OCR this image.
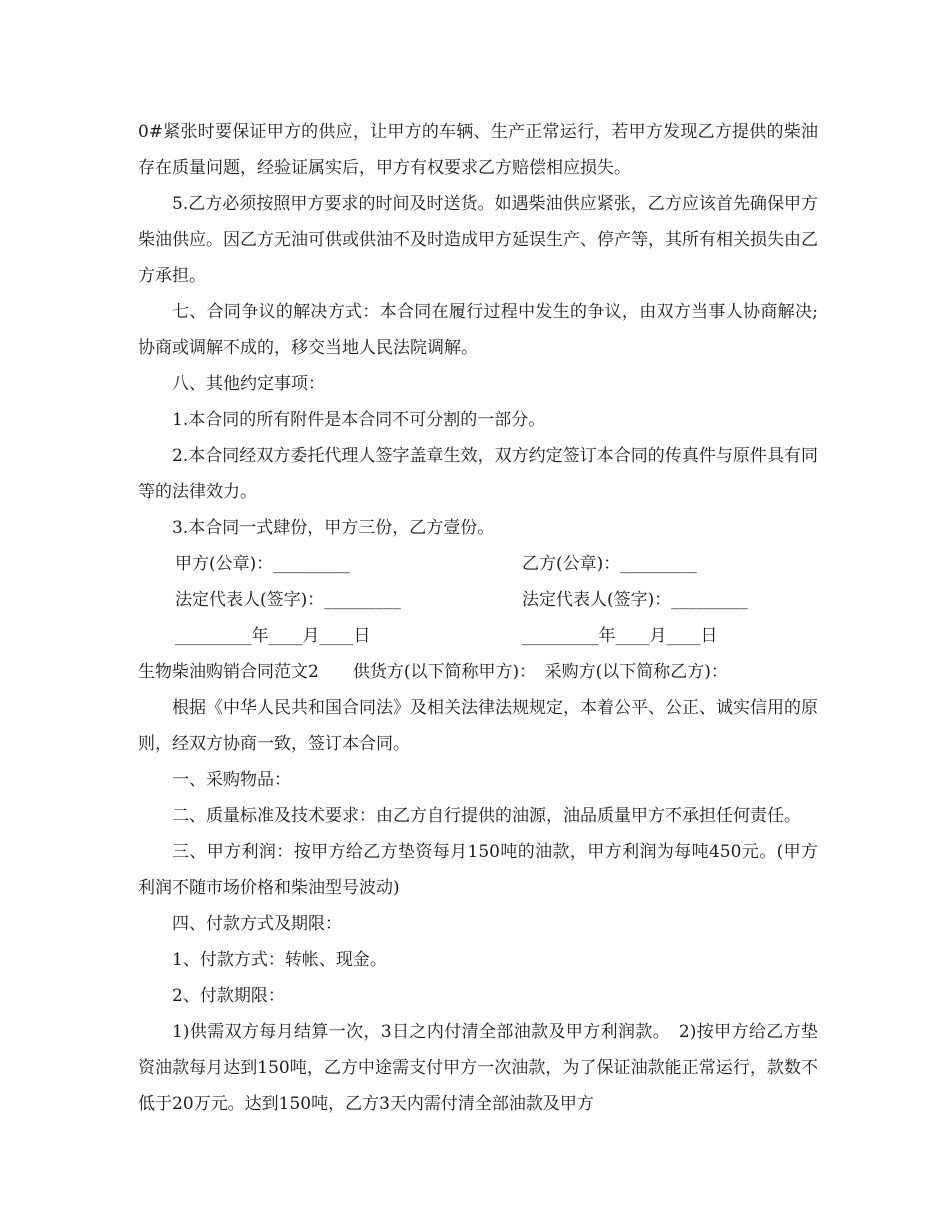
0#紧张时要保证甲方的供应，让甲方的车辆、生产正常运行，若甲方发现乙方提供的柴油存在质量问题，经验证属实后，甲方有权要求乙方赔偿相应损失。

5.乙方必须按照甲方要求的时间及时送货。如遇柴油供应紧张，乙方应该首先确保甲方柴油供应。因乙方无油可供或供油不及时造成甲方延误生产、停产等，其所有相关损失由乙方承担。

七、合同争议的解决方式：本合同在履行过程中发生的争议，由双方当事人协商解决;协商或调解不成的，移交当地人民法院调解。

八、其他约定事项：

1.本合同的所有附件是本合同不可分割的一部分。

2.本合同经双方委托代理人签字盖章生效，双方约定签订本合同的传真件与原件具有同等的法律效力。

3.本合同一式肆份，甲方三份，乙方壹份。

甲方(公章)：_________	乙方(公章)：_________
法定代表人(签字)：_________	法定代表人(签字)：_________
_________年____月____日	_________年____月____日

生物柴油购销合同范文2　　供货方(以下简称甲方)：　采购方(以下简称乙方)：

根据《中华人民共和国合同法》及相关法律法规规定，本着公平、公正、诚实信用的原则，经双方协商一致，签订本合同。

一、采购物品：

二、质量标准及技术要求：由乙方自行提供的油源，油品质量甲方不承担任何责任。

三、甲方利润：按甲方给乙方垫资每月150吨的油款，甲方利润为每吨450元。(甲方利润不随市场价格和柴油型号波动)

四、付款方式及期限：

1、付款方式：转帐、现金。

2、付款期限：

1)供需双方每月结算一次，3日之内付清全部油款及甲方利润款。　2)按甲方给乙方垫资油款每月达到150吨，乙方中途需支付甲方一次油款，为了保证油款能正常运行，款数不低于20万元。达到150吨，乙方3天内需付清全部油款及甲方
